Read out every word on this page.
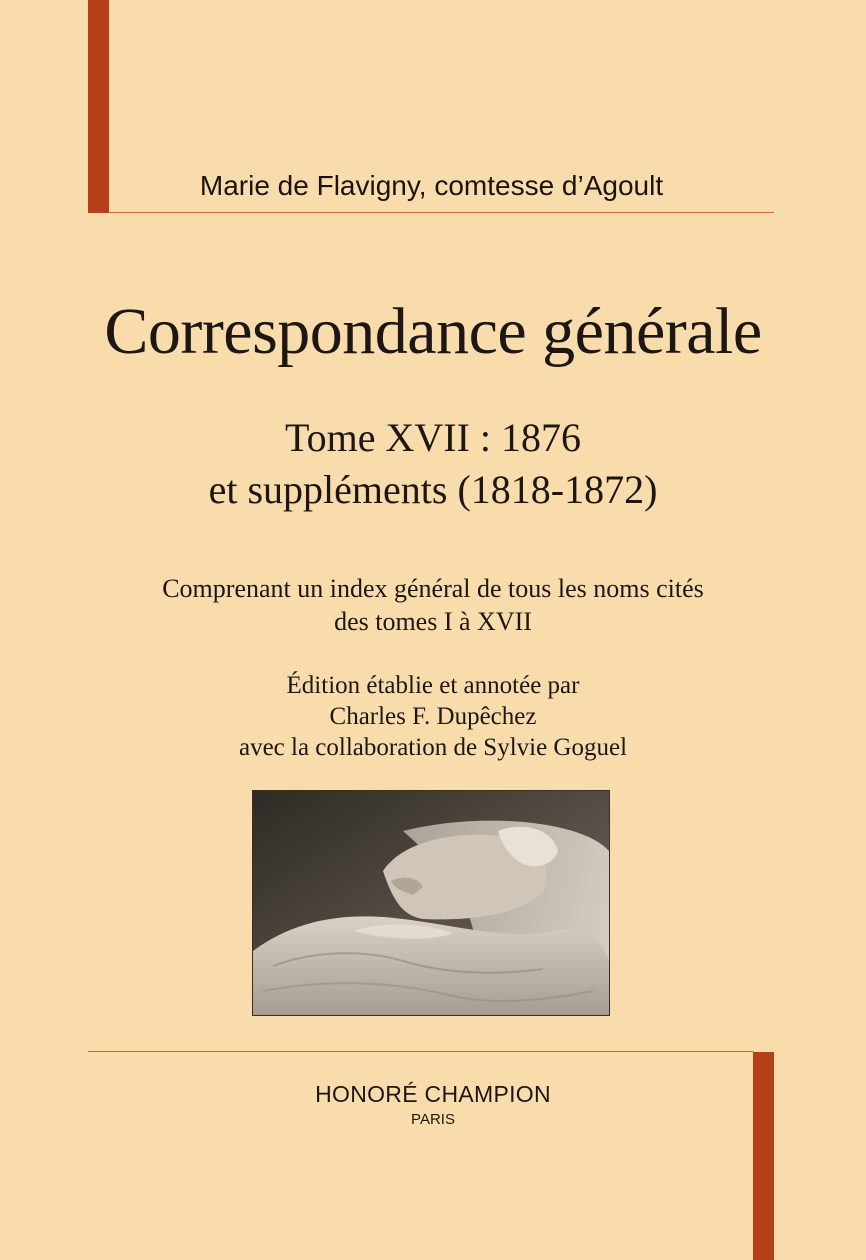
Marie de Flavigny, comtesse d’Agoult
Correspondance générale
Tome XVII : 1876
et suppléments (1818-1872)
Comprenant un index général de tous les noms cités
des tomes I à XVII
Édition établie et annotée par
Charles F. Dupêchez
avec la collaboration de Sylvie Goguel
HONORÉ CHAMPION
PARIS
